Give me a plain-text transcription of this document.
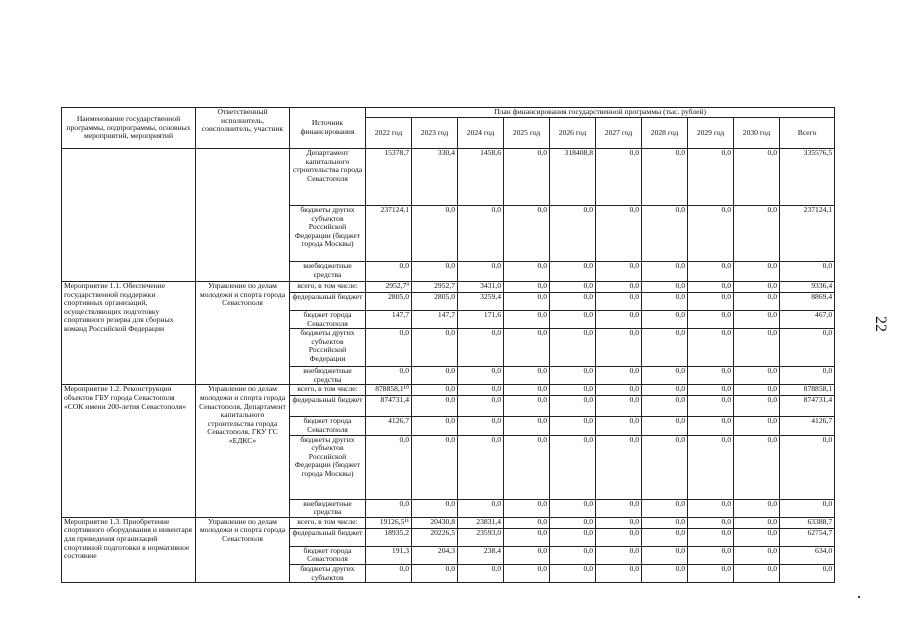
22
Наименование государственной программы, подпрограммы, основных мероприятий, мероприятий	Ответственный исполнитель, соисполнитель, участник	Источник финансирования	План финансирования государственной программы (тыс. рублей)									
			2022 год	2023 год	2024 год	2025 год	2026 год	2027 год	2028 год	2029 год	2030 год	Всего
		Департамент капитального строительства города Севастополя	15378,7	330,4	1458,6	0,0	318408,8	0,0	0,0	0,0	0,0	335576,5
		бюджеты других субъектов Российской Федерации (бюджет города Москвы)	237124,1	0,0	0,0	0,0	0,0	0,0	0,0	0,0	0,0	237124,1
		внебюджетные средства	0,0	0,0	0,0	0,0	0,0	0,0	0,0	0,0	0,0	0,0
Мероприятие 1.1. Обеспечение государственной поддержки спортивных организаций, осуществляющих подготовку спортивного резерва для сборных команд Российской Федерации	Управление по делам молодежи и спорта города Севастополя	всего, в том числе:	2952,7⁹	2952,7	3431,0	0,0	0,0	0,0	0,0	0,0	0,0	9336,4
		федеральный бюджет	2805,0	2805,0	3259,4	0,0	0,0	0,0	0,0	0,0	0,0	8869,4
		бюджет города Севастополя	147,7	147,7	171,6	0,0	0,0	0,0	0,0	0,0	0,0	467,0
		бюджеты других субъектов Российской Федерации	0,0	0,0	0,0	0,0	0,0	0,0	0,0	0,0	0,0	0,0
		внебюджетные средства	0,0	0,0	0,0	0,0	0,0	0,0	0,0	0,0	0,0	0,0
Мероприятие 1.2. Реконструкция объектов ГБУ города Севастополя «СОК имени 200-летия Севастополя»	Управление по делам молодежи и спорта города Севастополя, Департамент капитального строительства города Севастополя, ГКУ ГС «ЕДКС»	всего, в том числе:	878858,1¹⁰	0,0	0,0	0,0	0,0	0,0	0,0	0,0	0,0	878858,1
		федеральный бюджет	874731,4	0,0	0,0	0,0	0,0	0,0	0,0	0,0	0,0	874731,4
		бюджет города Севастополя	4126,7	0,0	0,0	0,0	0,0	0,0	0,0	0,0	0,0	4126,7
		бюджеты других субъектов Российской Федерации (бюджет города Москвы)	0,0	0,0	0,0	0,0	0,0	0,0	0,0	0,0	0,0	0,0
		внебюджетные средства	0,0	0,0	0,0	0,0	0,0	0,0	0,0	0,0	0,0	0,0
Мероприятие 1.3. Приобретение спортивного оборудования и инвентаря для приведения организаций спортивной подготовки в нормативное состояние	Управление по делам молодежи и спорта города Севастополя	всего, в том числе:	19126,5¹¹	20430,8	23831,4	0,0	0,0	0,0	0,0	0,0	0,0	63388,7
		федеральный бюджет	18935,2	20226,5	23593,0	0,0	0,0	0,0	0,0	0,0	0,0	62754,7
		бюджет города Севастополя	191,3	204,3	238,4	0,0	0,0	0,0	0,0	0,0	0,0	634,0
		бюджеты других субъектов	0,0	0,0	0,0	0,0	0,0	0,0	0,0	0,0	0,0	0,0
